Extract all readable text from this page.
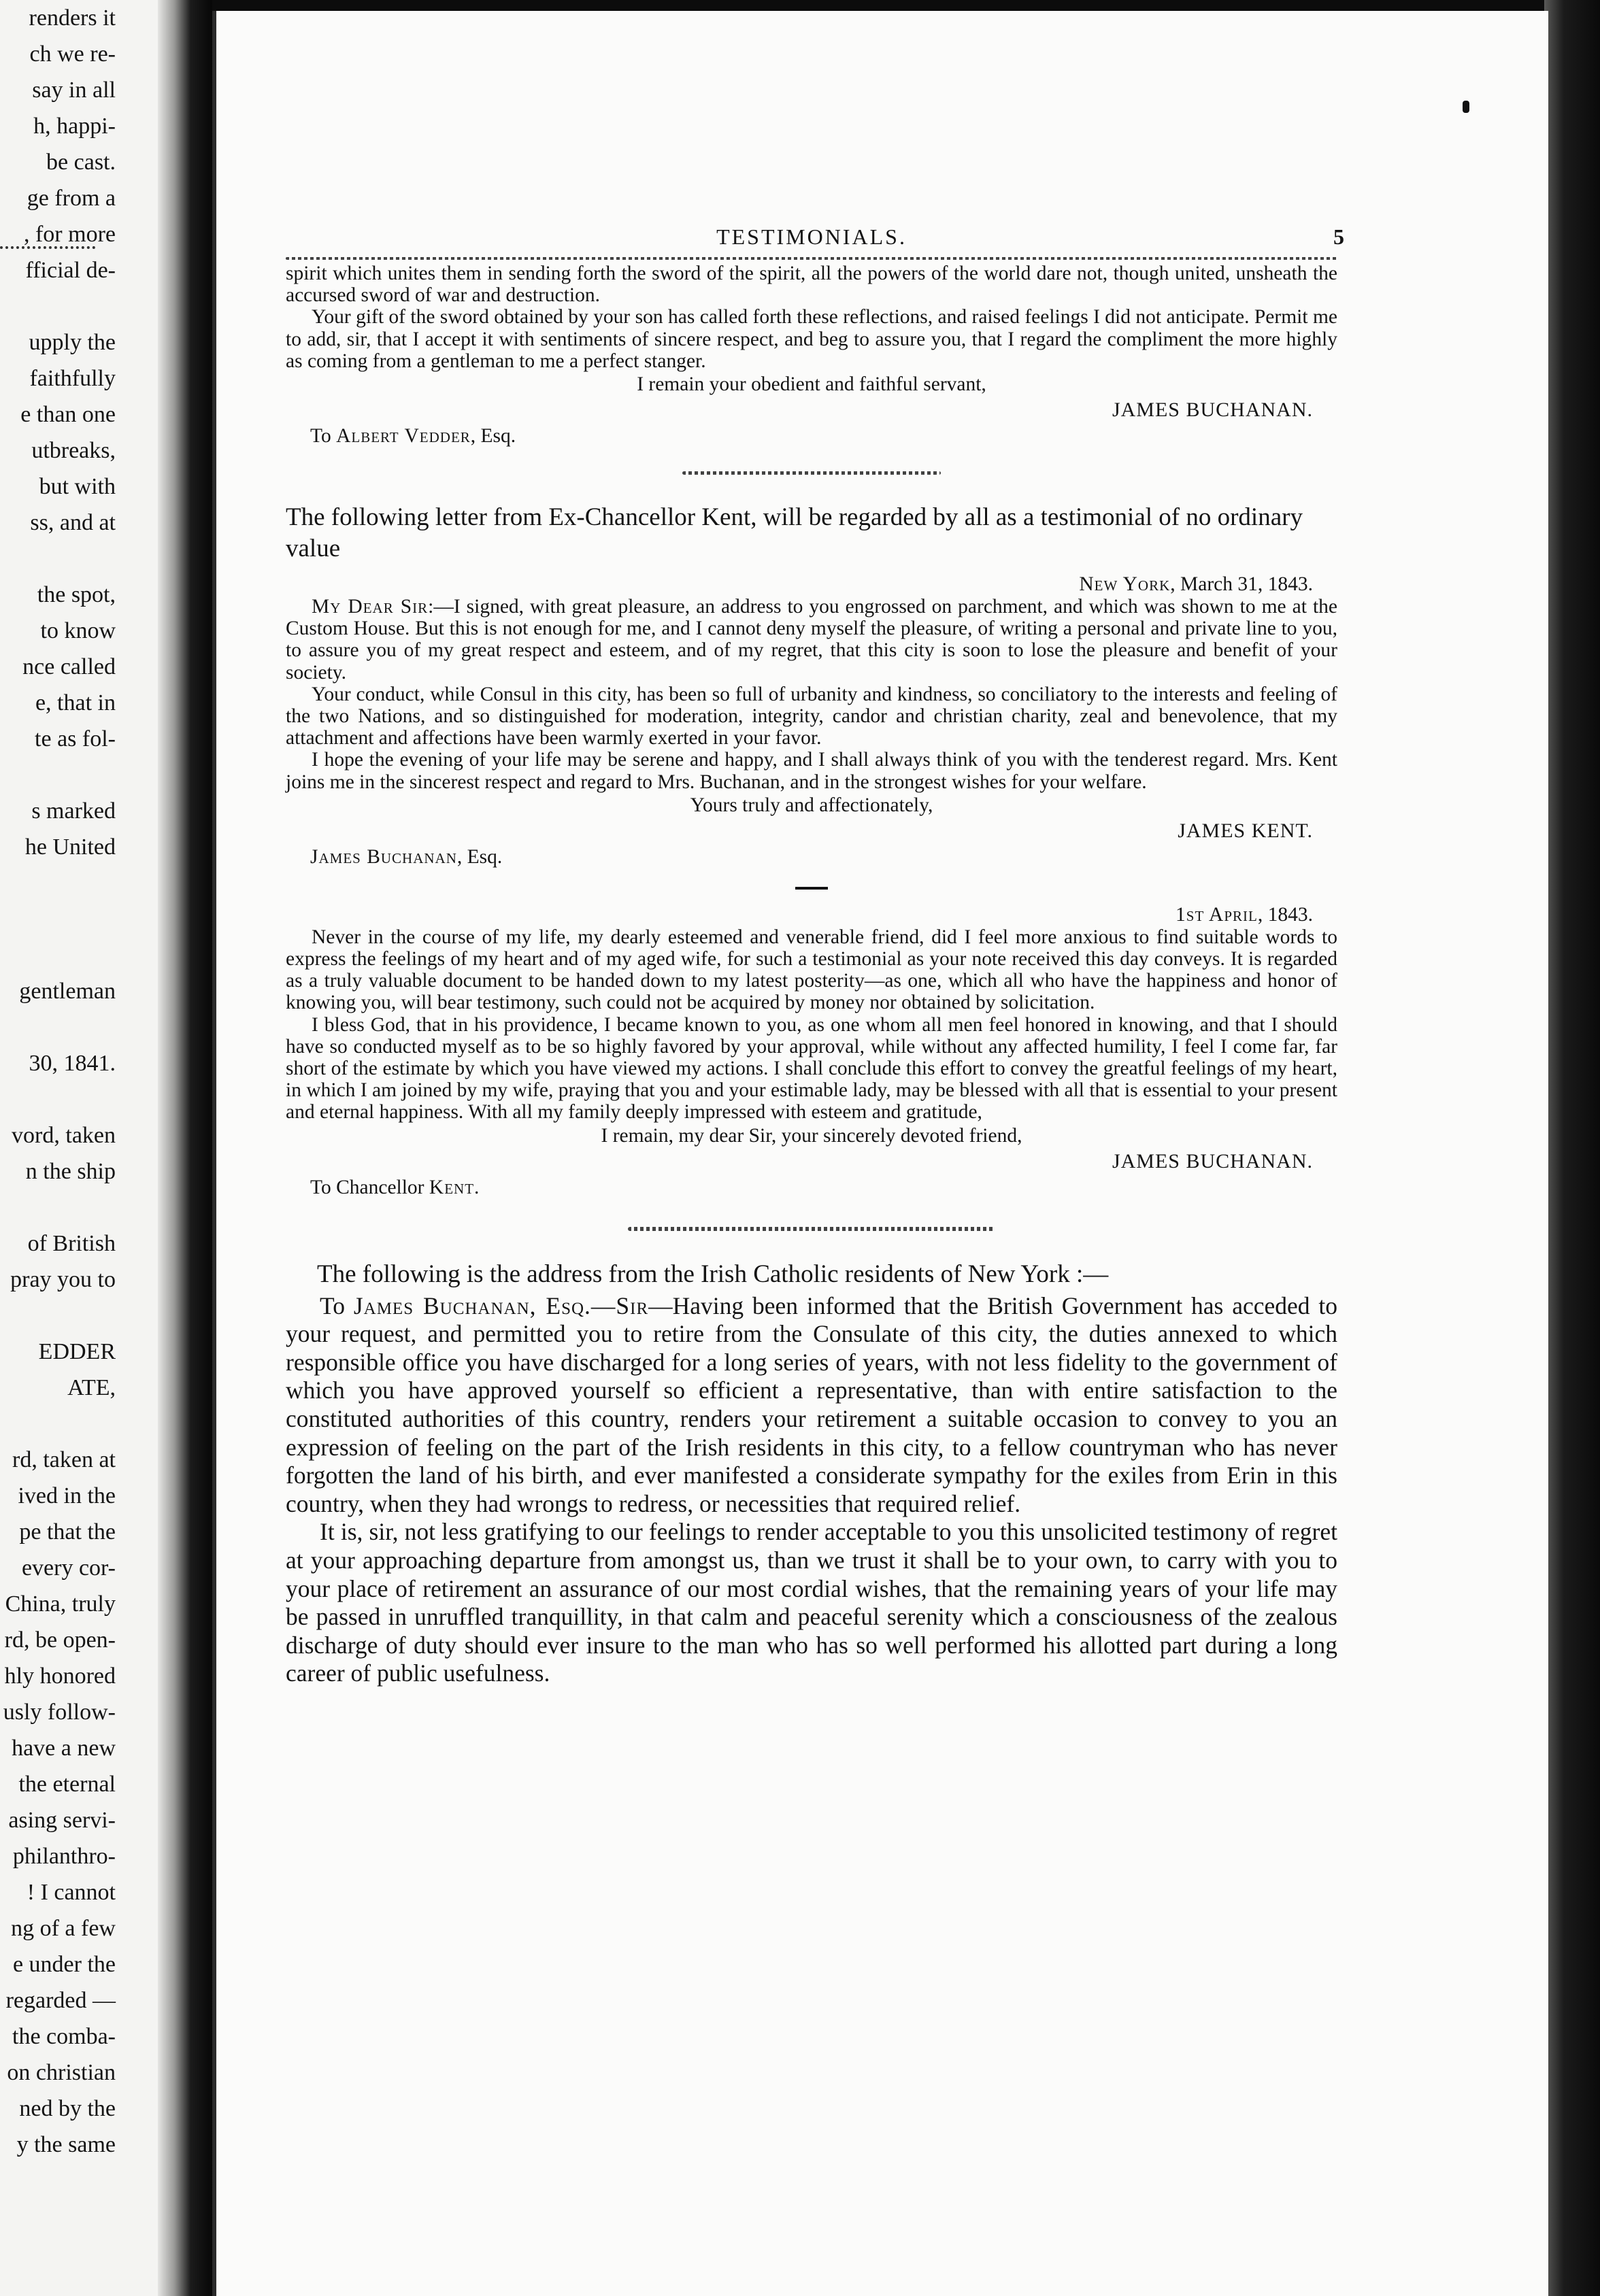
renders it
ch we re-
say in all
h, happi-
be cast.
ge from a
, for more
fficial de-
upply the
faithfully
e than one
utbreaks,
but with
ss, and at
the spot,
to know
nce called
e, that in
te as fol-
s marked
he United
gentleman
30, 1841.
vord, taken
n the ship
of British
pray you to
EDDER
ATE,
rd, taken at
ived in the
pe that the
every cor-
China, truly
rd, be open-
hly honored
usly follow-
have a new
the eternal
asing servi-
philanthro-
! I cannot
ng of a few
e under the
regarded —
the comba-
on christian
ned by the
y the same
TESTIMONIALS.	5

spirit which unites them in sending forth the sword of the spirit, all the powers of the world dare not, though united, unsheath the accursed sword of war and destruction.

Your gift of the sword obtained by your son has called forth these reflections, and raised feelings I did not anticipate. Permit me to add, sir, that I accept it with sentiments of sincere respect, and beg to assure you, that I regard the compliment the more highly as coming from a gentleman to me a perfect stanger.

I remain your obedient and faithful servant,
JAMES BUCHANAN.
To Albert Vedder, Esq.
The following letter from Ex-Chancellor Kent, will be regarded by all as a testimonial of no ordinary value
New York, March 31, 1843.

My Dear Sir:—I signed, with great pleasure, an address to you engrossed on parchment, and which was shown to me at the Custom House. But this is not enough for me, and I cannot deny myself the pleasure, of writing a personal and private line to you, to assure you of my great respect and esteem, and of my regret, that this city is soon to lose the pleasure and benefit of your society.

Your conduct, while Consul in this city, has been so full of urbanity and kindness, so conciliatory to the interests and feeling of the two Nations, and so distinguished for moderation, integrity, candor and christian charity, zeal and benevolence, that my attachment and affections have been warmly exerted in your favor.

I hope the evening of your life may be serene and happy, and I shall always think of you with the tenderest regard. Mrs. Kent joins me in the sincerest respect and regard to Mrs. Buchanan, and in the strongest wishes for your welfare.

Yours truly and affectionately,
JAMES KENT.
James Buchanan, Esq.
1st April, 1843.

Never in the course of my life, my dearly esteemed and venerable friend, did I feel more anxious to find suitable words to express the feelings of my heart and of my aged wife, for such a testimonial as your note received this day conveys. It is regarded as a truly valuable document to be handed down to my latest posterity—as one, which all who have the happiness and honor of knowing you, will bear testimony, such could not be acquired by money nor obtained by solicitation.

I bless God, that in his providence, I became known to you, as one whom all men feel honored in knowing, and that I should have so conducted myself as to be so highly favored by your approval, while without any affected humility, I feel I come far, far short of the estimate by which you have viewed my actions. I shall conclude this effort to convey the greatful feelings of my heart, in which I am joined by my wife, praying that you and your estimable lady, may be blessed with all that is essential to your present and eternal happiness. With all my family deeply impressed with esteem and gratitude,

I remain, my dear Sir, your sincerely devoted friend,
JAMES BUCHANAN.
To Chancellor Kent.
The following is the address from the Irish Catholic residents of New York :—

To James Buchanan, Esq.—Sir—Having been informed that the British Government has acceded to your request, and permitted you to retire from the Consulate of this city, the duties annexed to which responsible office you have discharged for a long series of years, with not less fidelity to the government of which you have approved yourself so efficient a representative, than with entire satisfaction to the constituted authorities of this country, renders your retirement a suitable occasion to convey to you an expression of feeling on the part of the Irish residents in this city, to a fellow countryman who has never forgotten the land of his birth, and ever manifested a considerate sympathy for the exiles from Erin in this country, when they had wrongs to redress, or necessities that required relief.

It is, sir, not less gratifying to our feelings to render acceptable to you this unsolicited testimony of regret at your approaching departure from amongst us, than we trust it shall be to your own, to carry with you to your place of retirement an assurance of our most cordial wishes, that the remaining years of your life may be passed in unruffled tranquillity, in that calm and peaceful serenity which a consciousness of the zealous discharge of duty should ever insure to the man who has so well performed his allotted part during a long career of public usefulness.
